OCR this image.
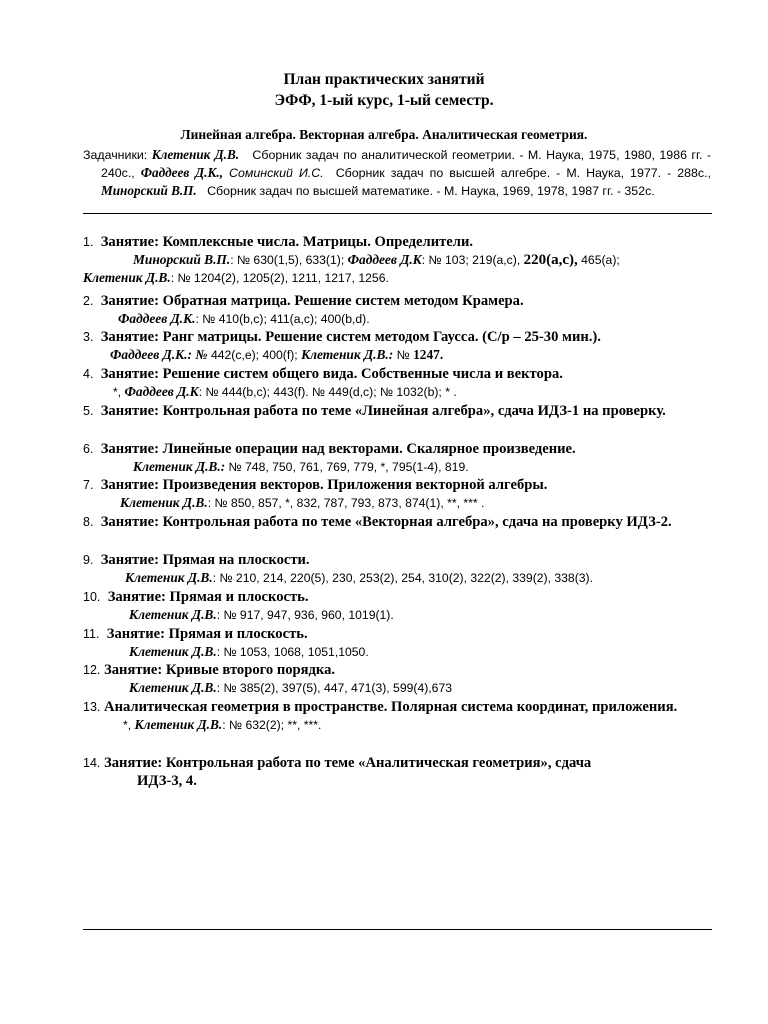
План практических занятий
ЭФФ, 1-ый курс, 1-ый семестр.
Линейная алгебра. Векторная алгебра. Аналитическая геометрия.

Задачники: Клетеник Д.В. Сборник задач по аналитической геометрии. - М. Наука, 1975, 1980, 1986 гг. - 240с., Фаддеев Д.К., Соминский И.С. Сборник задач по высшей алгебре. - М. Наука, 1977. - 288с., Минорский В.П. Сборник задач по высшей математике. - М. Наука, 1969, 1978, 1987 гг. - 352с.

1. Занятие: Комплексные числа. Матрицы. Определители.
Минорский В.П.: № 630(1,5), 633(1); Фаддеев Д.К: № 103; 219(а,с), 220(а,с), 465(а);
Клетеник Д.В.: № 1204(2), 1205(2), 1211, 1217, 1256.
2. Занятие: Обратная матрица. Решение систем методом Крамера.
Фаддеев Д.К.: № 410(b,c); 411(a,c); 400(b,d).
3. Занятие: Ранг матрицы. Решение систем методом Гаусса. (С/р – 25-30 мин.).
Фаддеев Д.К.: № 442(c,e); 400(f); Клетеник Д.В.: № 1247.
4. Занятие: Решение систем общего вида. Собственные числа и вектора.
*, Фаддеев Д.К: № 444(b,c); 443(f). № 449(d,c); № 1032(b); * .
5. Занятие: Контрольная работа по теме «Линейная алгебра», сдача ИДЗ-1 на проверку.
6. Занятие: Линейные операции над векторами. Скалярное произведение.
Клетеник Д.В.: № 748, 750, 761, 769, 779, *, 795(1-4), 819.
7. Занятие: Произведения векторов. Приложения векторной алгебры.
Клетеник Д.В.: № 850, 857, *, 832, 787, 793, 873, 874(1), **, *** .
8. Занятие: Контрольная работа по теме «Векторная алгебра», сдача на проверку ИДЗ-2.
9. Занятие: Прямая на плоскости.
Клетеник Д.В.: № 210, 214, 220(5), 230, 253(2), 254, 310(2), 322(2), 339(2), 338(3).
10. Занятие: Прямая и плоскость.
Клетеник Д.В.: № 917, 947, 936, 960, 1019(1).
11. Занятие: Прямая и плоскость.
Клетеник Д.В.: № 1053, 1068, 1051,1050.
12. Занятие: Кривые второго порядка.
Клетеник Д.В.: № 385(2), 397(5), 447, 471(3), 599(4),673
13. Аналитическая геометрия в пространстве. Полярная система координат, приложения.
*, Клетеник Д.В.: № 632(2); **, ***.
14. Занятие: Контрольная работа по теме «Аналитическая геометрия», сдача
ИДЗ-3, 4.
